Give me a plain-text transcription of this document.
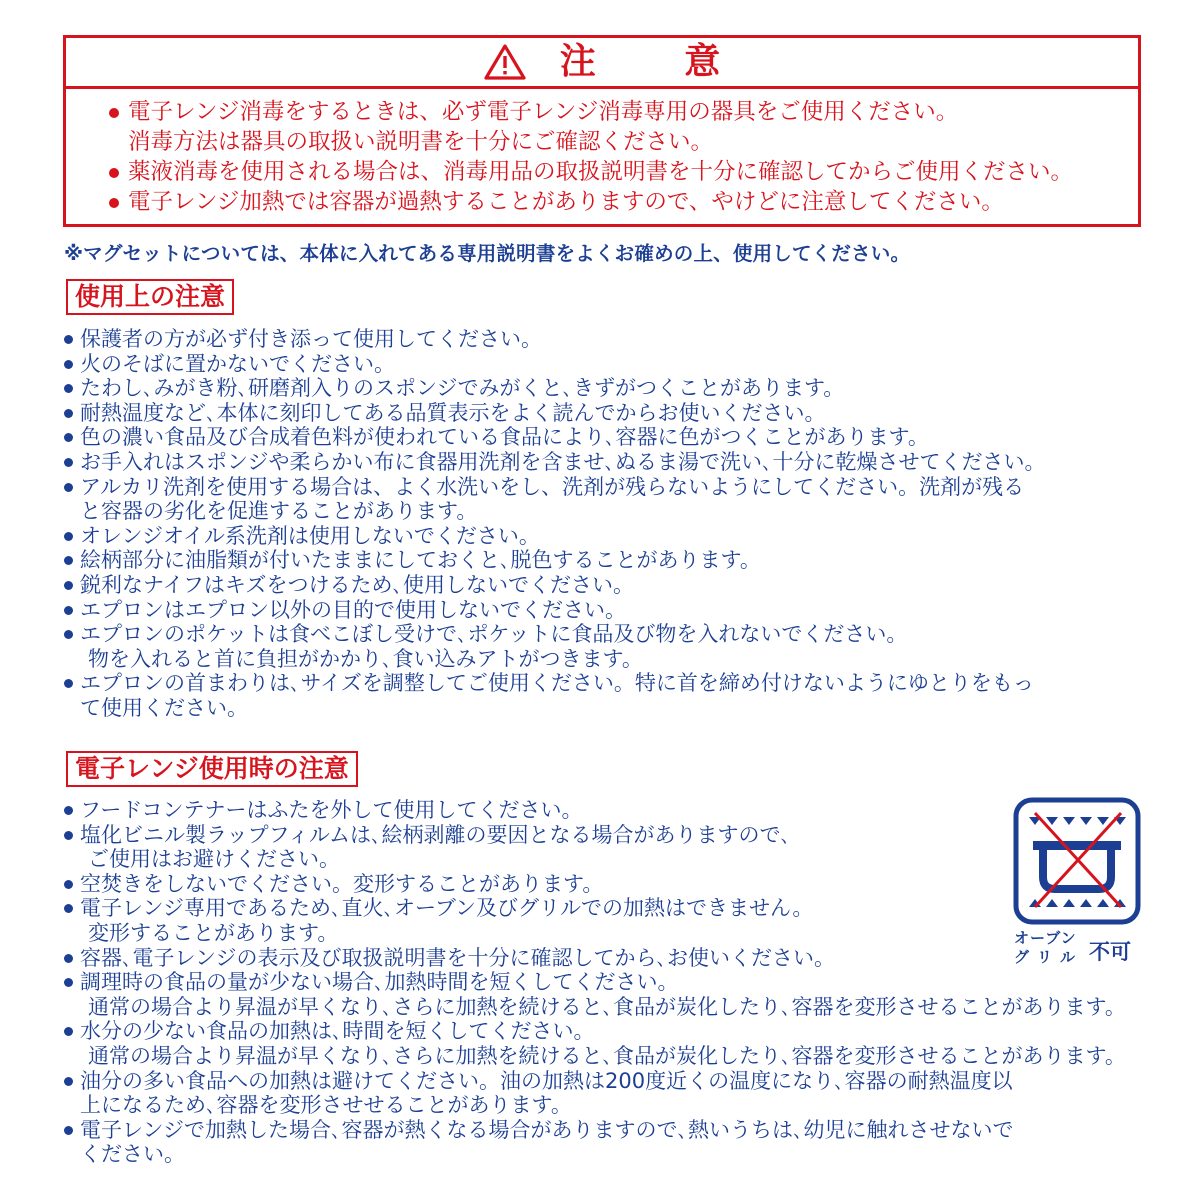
注 意
電子レンジ消毒をするときは、必ず電子レンジ消毒専用の器具をご使用ください。
消毒方法は器具の取扱い説明書を十分にご確認ください。
薬液消毒を使用される場合は、消毒用品の取扱説明書を十分に確認してからご使用ください。
電子レンジ加熱では容器が過熱することがありますので、やけどに注意してください。
※マグセットについては、本体に入れてある専用説明書をよくお確めの上、使用してください。
使用上の注意
保護者の方が必ず付き添って使用してください。
火のそばに置かないでください。
たわし､みがき粉､研磨剤入りのスポンジでみがくと､きずがつくことがあります。
耐熱温度など､本体に刻印してある品質表示をよく読んでからお使いください。
色の濃い食品及び合成着色料が使われている食品により､容器に色がつくことがあります。
お手入れはスポンジや柔らかい布に食器用洗剤を含ませ､ぬるま湯で洗い､十分に乾燥させてください。
アルカリ洗剤を使用する場合は、よく水洗いをし、洗剤が残らないようにしてください。洗剤が残る
と容器の劣化を促進することがあります。
オレンジオイル系洗剤は使用しないでください。
絵柄部分に油脂類が付いたままにしておくと､脱色することがあります。
鋭利なナイフはキズをつけるため､使用しないでください。
エプロンはエプロン以外の目的で使用しないでください。
エプロンのポケットは食べこぼし受けで､ポケットに食品及び物を入れないでください。
物を入れると首に負担がかかり､食い込みアトがつきます。
エプロンの首まわりは､サイズを調整してご使用ください。特に首を締め付けないようにゆとりをもっ
て使用ください。
電子レンジ使用時の注意
フードコンテナーはふたを外して使用してください。
塩化ビニル製ラップフィルムは､絵柄剥離の要因となる場合がありますので､
ご使用はお避けください。
空焚きをしないでください。変形することがあります。
電子レンジ専用であるため､直火､オーブン及びグリルでの加熱はできません。
変形することがあります。
容器､電子レンジの表示及び取扱説明書を十分に確認してから､お使いください。
調理時の食品の量が少ない場合､加熱時間を短くしてください。
通常の場合より昇温が早くなり､さらに加熱を続けると､食品が炭化したり､容器を変形させることがあります。
水分の少ない食品の加熱は､時間を短くしてください。
通常の場合より昇温が早くなり､さらに加熱を続けると､食品が炭化したり､容器を変形させることがあります。
油分の多い食品への加熱は避けてください。油の加熱は200度近くの温度になり､容器の耐熱温度以
上になるため､容器を変形させせることがあります。
電子レンジで加熱した場合､容器が熱くなる場合がありますので､熱いうちは､幼児に触れさせないで
ください。
オーブン
グリル 不可
